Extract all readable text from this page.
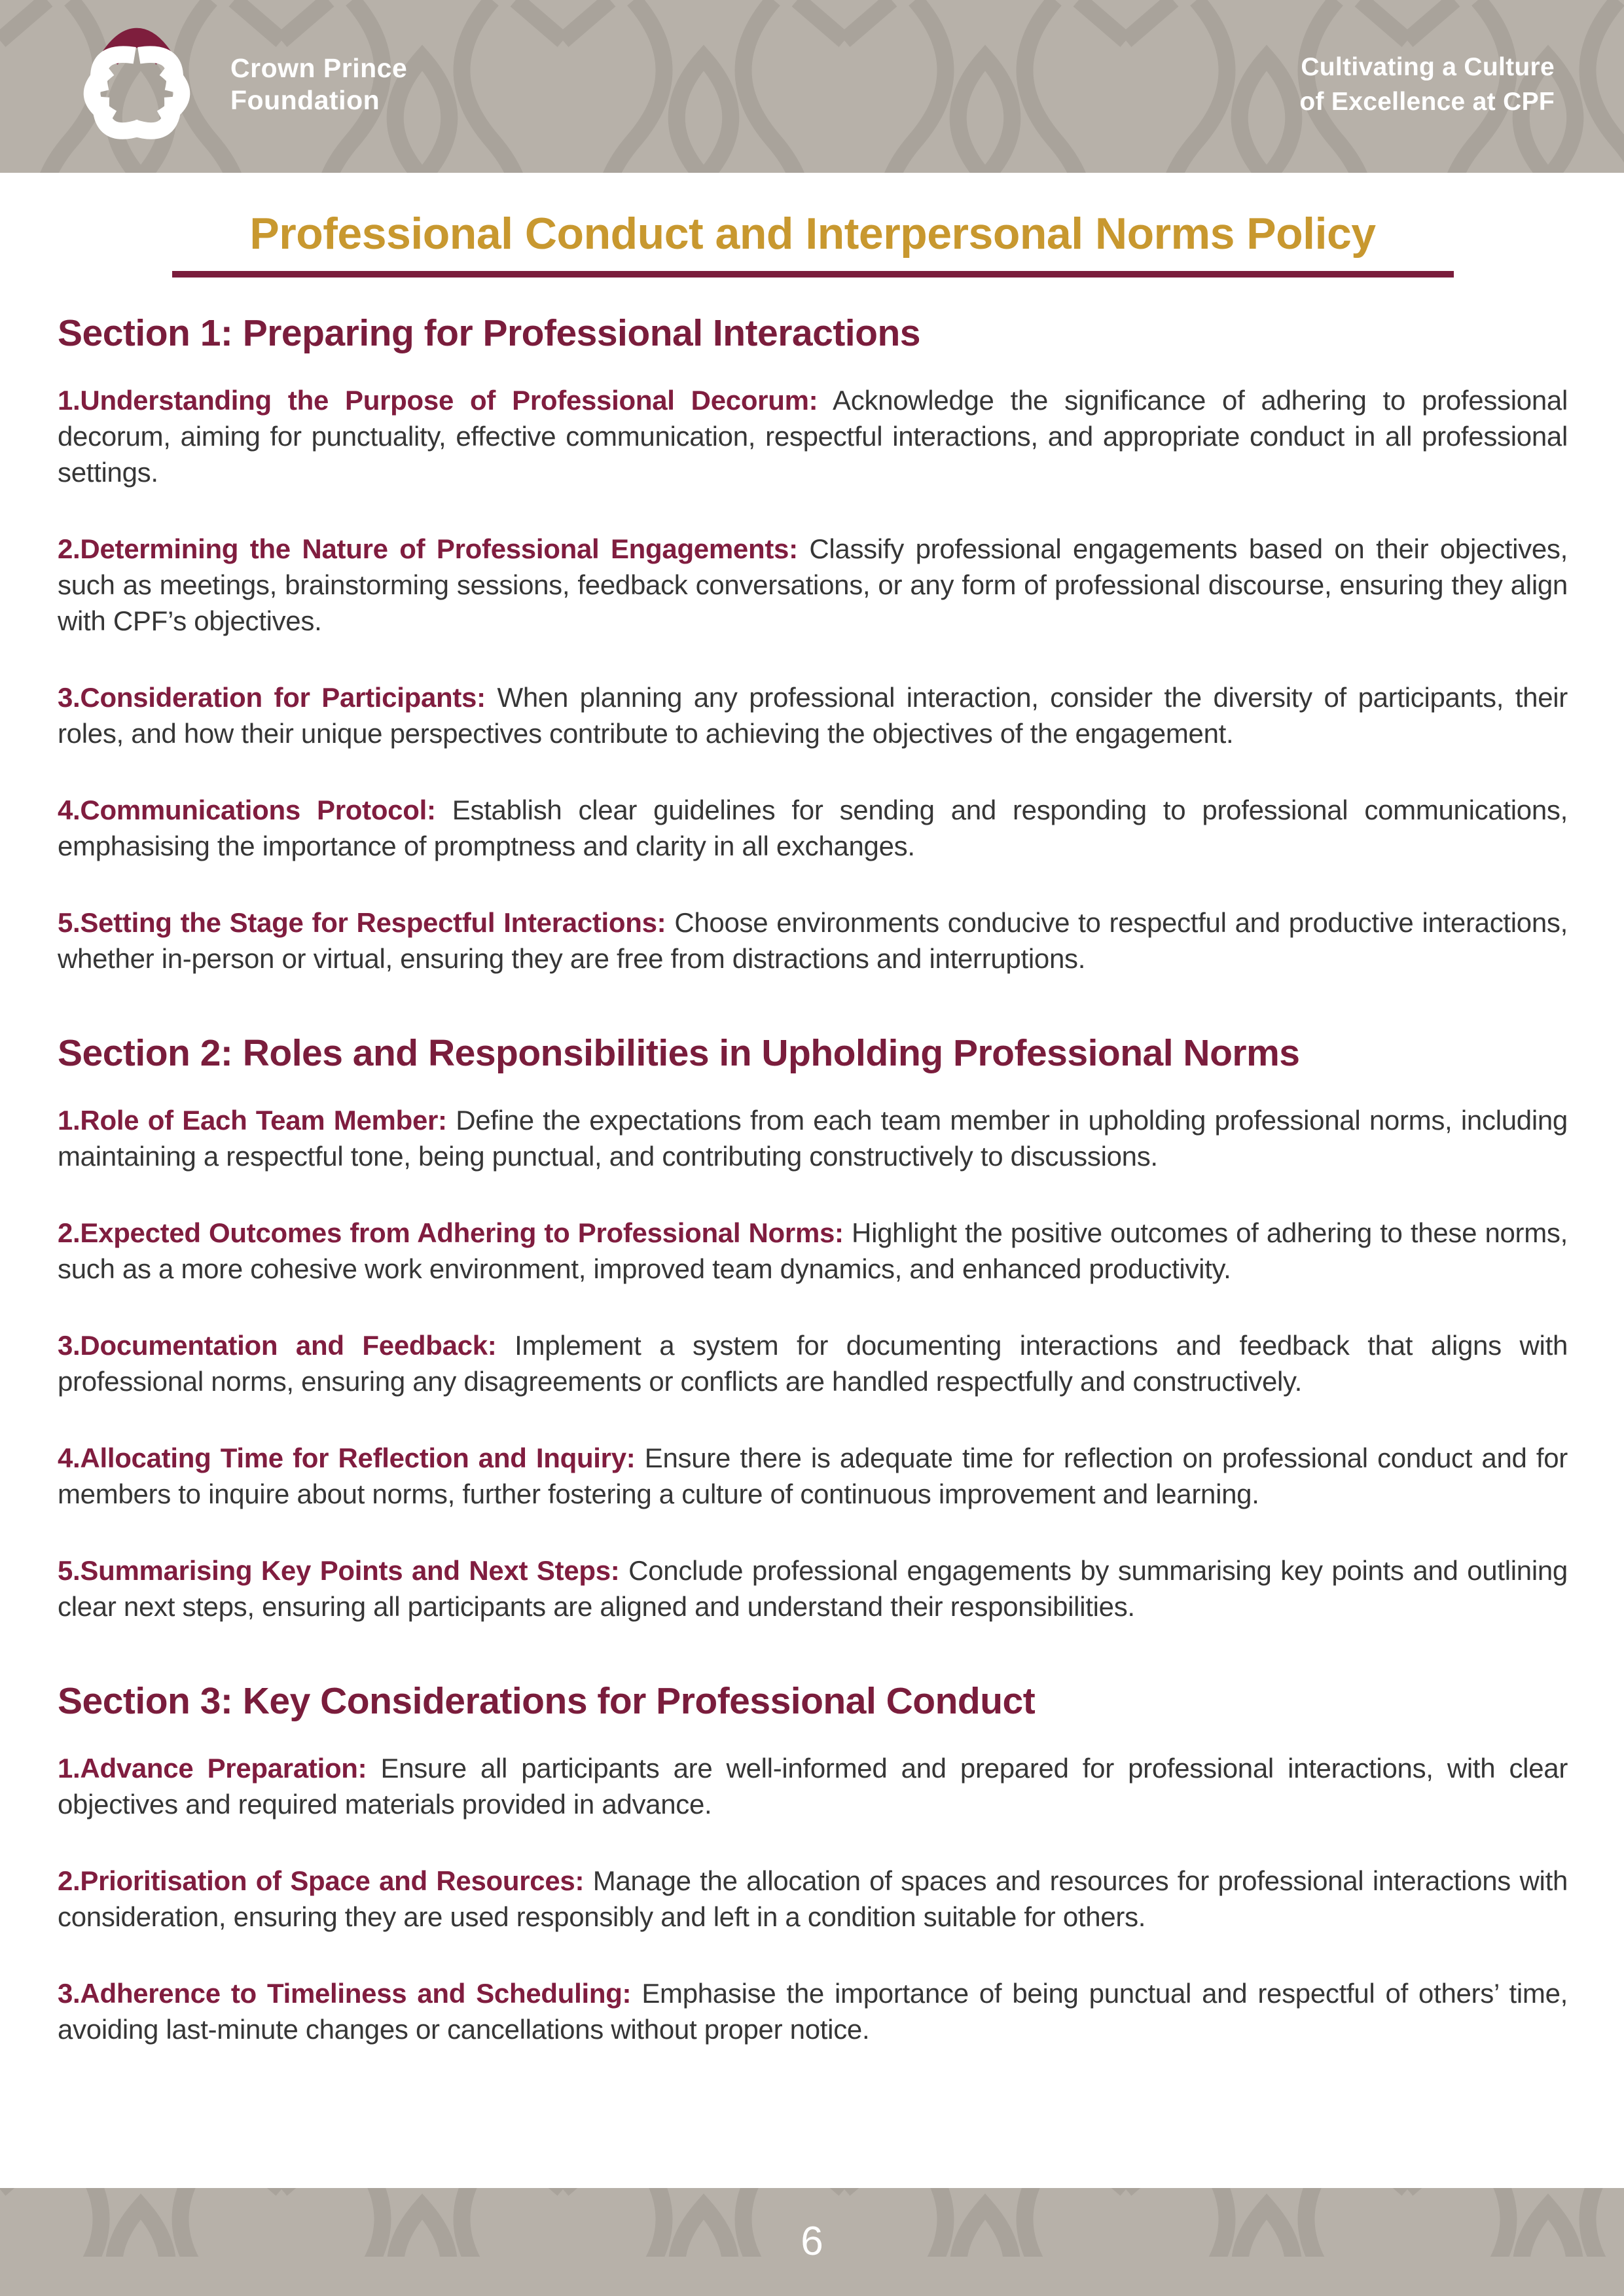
Crown Prince
Foundation
Cultivating a Culture
of Excellence at CPF
Professional Conduct and Interpersonal Norms Policy
Section 1: Preparing for Professional Interactions

1.Understanding the Purpose of Professional Decorum: Acknowledge the significance of adhering to professional decorum, aiming for punctuality, effective communication, respectful interactions, and appropriate conduct in all professional settings.

2.Determining the Nature of Professional Engagements: Classify professional engagements based on their objectives, such as meetings, brainstorming sessions, feedback conversations, or any form of professional discourse, ensuring they align with CPF’s objectives.

3.Consideration for Participants: When planning any professional interaction, consider the diversity of participants, their roles, and how their unique perspectives contribute to achieving the objectives of the engagement.

4.Communications Protocol: Establish clear guidelines for sending and responding to professional communications, emphasising the importance of promptness and clarity in all exchanges.

5.Setting the Stage for Respectful Interactions: Choose environments conducive to respectful and productive interactions, whether in-person or virtual, ensuring they are free from distractions and interruptions.

Section 2: Roles and Responsibilities in Upholding Professional Norms

1.Role of Each Team Member: Define the expectations from each team member in upholding professional norms, including maintaining a respectful tone, being punctual, and contributing constructively to discussions.

2.Expected Outcomes from Adhering to Professional Norms: Highlight the positive outcomes of adhering to these norms, such as a more cohesive work environment, improved team dynamics, and enhanced productivity.

3.Documentation and Feedback: Implement a system for documenting interactions and feedback that aligns with professional norms, ensuring any disagreements or conflicts are handled respectfully and constructively.

4.Allocating Time for Reflection and Inquiry: Ensure there is adequate time for reflection on professional conduct and for members to inquire about norms, further fostering a culture of continuous improvement and learning.

5.Summarising Key Points and Next Steps: Conclude professional engagements by summarising key points and outlining clear next steps, ensuring all participants are aligned and understand their responsibilities.

Section 3: Key Considerations for Professional Conduct

1.Advance Preparation: Ensure all participants are well-informed and prepared for professional interactions, with clear objectives and required materials provided in advance.

2.Prioritisation of Space and Resources: Manage the allocation of spaces and resources for professional interactions with consideration, ensuring they are used responsibly and left in a condition suitable for others.

3.Adherence to Timeliness and Scheduling: Emphasise the importance of being punctual and respectful of others’ time, avoiding last-minute changes or cancellations without proper notice.

6
